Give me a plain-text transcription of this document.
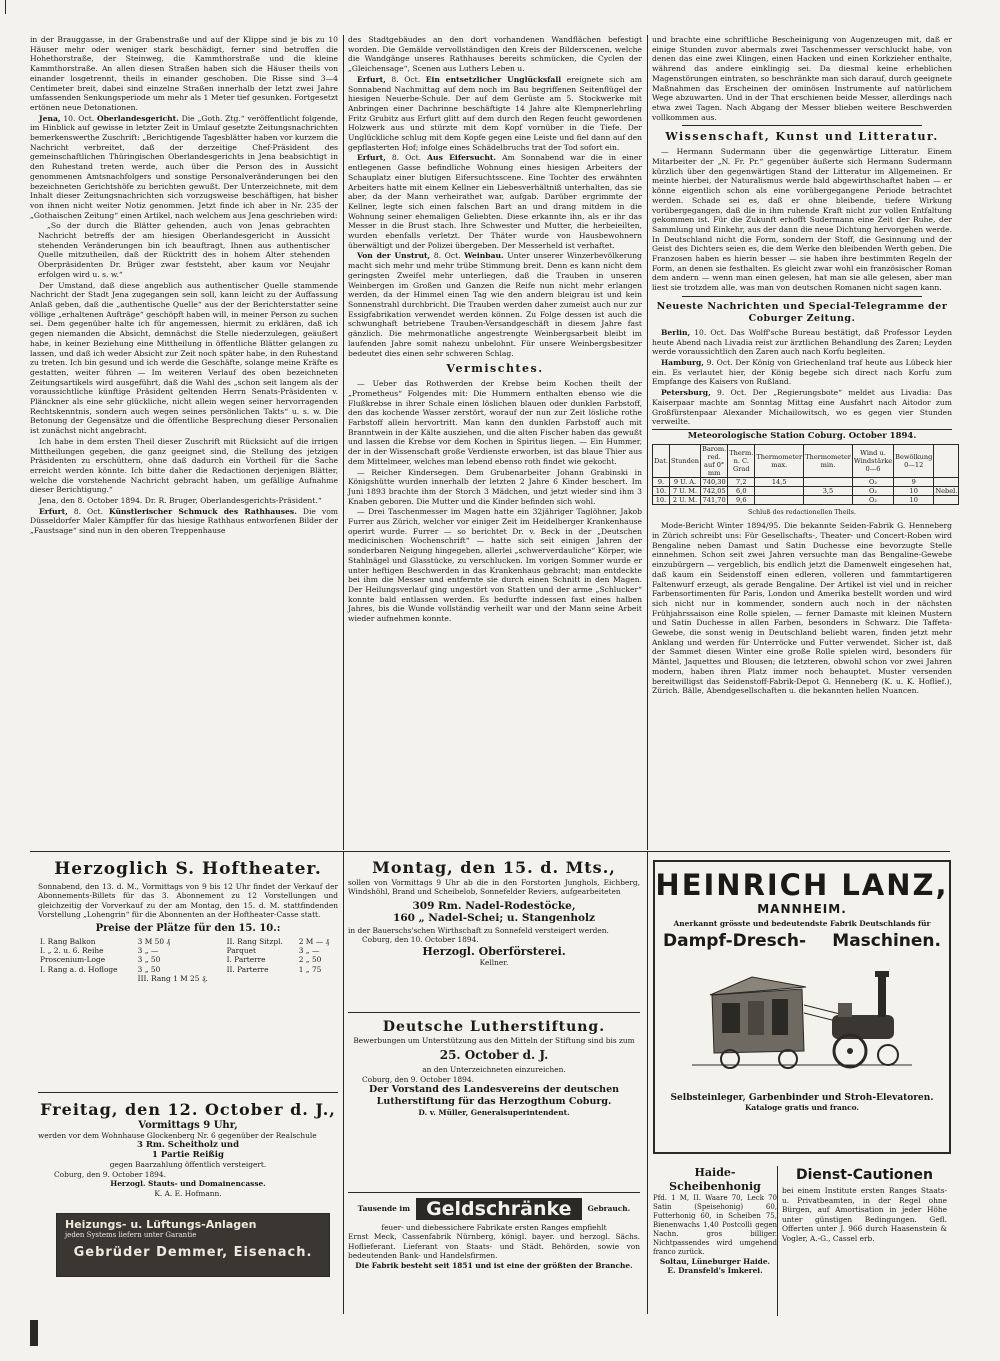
in der Brauggasse, in der Grabenstraße und auf der Klippe sind je bis zu 10 Häuser mehr oder weniger stark beschädigt, ferner sind betroffen die Hohethorstraße, der Steinweg, die Kammthorstraße und die kleine Kammthorstraße. An allen diesen Straßen haben sich die Häuser theils von einander losgetrennt, theils in einander geschoben. Die Risse sind 3—4 Centimeter breit, dabei sind einzelne Straßen innerhalb der letzt zwei Jahre umfassenden Senkungsperiode um mehr als 1 Meter tief gesunken. Fortgesetzt ertönen neue Detonationen.

Jena, 10. Oct. Oberlandesgericht. Die „Goth. Ztg.“ veröffentlicht folgende, im Hinblick auf gewisse in letzter Zeit in Umlauf gesetzte Zeitungsnachrichten bemerkenswerthe Zuschrift: „Berichtigende Tagesblätter haben vor kurzem die Nachricht verbreitet, daß der derzeitige Chef-Präsident des gemeinschaftlichen Thüringischen Oberlandesgerichts in Jena beabsichtigt in den Ruhestand treten werde, auch über die Person des in Aussicht genommenen Amtsnachfolgers und sonstige Personalveränderungen bei den bezeichneten Gerichtshöfe zu berichten gewußt. Der Unterzeichnete, mit dem Inhalt dieser Zeitungsnachrichten sich vorzugsweise beschäftigen, hat bisher von ihnen nicht weiter Notiz genommen. Jetzt finde ich aber in Nr. 235 der „Gothaischen Zeitung“ einen Artikel, nach welchem aus Jena geschrieben wird:

„So der durch die Blätter gehenden, auch von Jenas gebrachten Nachricht betreffs der am hiesigen Oberlandesgericht in Aussicht stehenden Veränderungen bin ich beauftragt, Ihnen aus authentischer Quelle mitzutheilen, daß der Rücktritt des in hohem Alter stehenden Oberpräsidenten Dr. Brüger zwar feststeht, aber kaum vor Neujahr erfolgen wird u. s. w.“

Der Umstand, daß diese angeblich aus authentischer Quelle stammende Nachricht der Stadt Jena zugegangen sein soll, kann leicht zu der Auffassung Anlaß geben, daß die „authentische Quelle“ aus der der Berichterstatter seine völlige „erhaltenen Aufträge“ geschöpft haben will, in meiner Person zu suchen sei. Dem gegenüber halte ich für angemessen, hiermit zu erklären, daß ich gegen niemanden die Absicht, demnächst die Stelle niederzulegen, geäußert habe, in keiner Beziehung eine Mittheilung in öffentliche Blätter gelangen zu lassen, und daß ich weder Absicht zur Zeit noch später habe, in den Ruhestand zu treten. Ich bin gesund und ich werde die Geschäfte, solange meine Kräfte es gestatten, weiter führen — Im weiteren Verlauf des oben bezeichneten Zeitungsartikels wird ausgeführt, daß die Wahl des „schon seit langem als der voraussichtliche künftige Präsident geltenden Herrn Senats-Präsidenten v. Plänckner als eine sehr glückliche, nicht allein wegen seiner hervorragenden Rechtskenntnis, sondern auch wegen seines persönlichen Takts“ u. s. w. Die Betonung der Gegensätze und die öffentliche Besprechung dieser Personalien ist zunächst nicht angebracht.

Ich habe in dem ersten Theil dieser Zuschrift mit Rücksicht auf die irrigen Mittheilungen gegeben, die ganz geeignet sind, die Stellung des jetzigen Präsidenten zu erschüttern, ohne daß dadurch ein Vortheil für die Sache erreicht werden könnte. Ich bitte daher die Redactionen derjenigen Blätter, welche die vorstehende Nachricht gebracht haben, um gefällige Aufnahme dieser Berichtigung.“

Jena, den 8. October 1894. Dr. R. Bruger, Oberlandesgerichts-Präsident.“

Erfurt, 8. Oct. Künstlerischer Schmuck des Rathhauses. Die vom Düsseldorfer Maler Kämpffer für das hiesige Rathhaus entworfenen Bilder der „Faustsage“ sind nun in den oberen Treppenhause

des Stadtgebäudes an den dort vorhandenen Wandflächen befestigt worden. Die Gemälde vervollständigen den Kreis der Bilderscenen, welche die Wandgänge unseres Rathhauses bereits schmücken, die Cyclen der „Gleichensage“, Scenen aus Luthers Leben u.

Erfurt, 8. Oct. Ein entsetzlicher Unglücksfall ereignete sich am Sonnabend Nachmittag auf dem noch im Bau begriffenen Seitenflügel der hiesigen Neuerbe-Schule. Der auf dem Gerüste am 5. Stockwerke mit Anbringen einer Dachrinne beschäftigte 14 Jahre alte Klempnerlehrling Fritz Grubitz aus Erfurt glitt auf dem durch den Regen feucht gewordenen Holzwerk aus und stürzte mit dem Kopf vornüber in die Tiefe. Der Unglückliche schlug mit dem Kopfe gegen eine Leiste und fiel dann auf den gepflasterten Hof; infolge eines Schädelbruchs trat der Tod sofort ein.

Erfurt, 8. Oct. Aus Eifersucht. Am Sonnabend war die in einer entlegenen Gasse befindliche Wohnung eines hiesigen Arbeiters der Schauplatz einer blutigen Eifersuchtsscene. Eine Tochter des erwähnten Arbeiters hatte mit einem Kellner ein Liebesverhältniß unterhalten, das sie aber, da der Mann verheirathet war, aufgab. Darüber ergrimmte der Kellner, legte sich einen falschen Bart an und drang mitdem in die Wohnung seiner ehemaligen Geliebten. Diese erkannte ihn, als er ihr das Messer in die Brust stach. Ihre Schwester und Mutter, die herbeieilten, wurden ebenfalls verletzt. Der Thäter wurde von Hausbewohnern überwältigt und der Polizei übergeben. Der Messerheld ist verhaftet.

Von der Unstrut, 8. Oct. Weinbau. Unter unserer Winzerbevölkerung macht sich mehr und mehr trübe Stimmung breit. Denn es kann nicht dem geringsten Zweifel mehr unterliegen, daß die Trauben in unseren Weinbergen im Großen und Ganzen die Reife nun nicht mehr erlangen werden, da der Himmel einen Tag wie den andern bleigrau ist und kein Sonnenstrahl durchbricht. Die Trauben werden daher zumeist auch nur zur Essigfabrikation verwendet werden können. Zu Folge dessen ist auch die schwunghaft betriebene Trauben-Versandgeschäft in diesem Jahre fast gänzlich. Die mehrmonatliche angestrengte Weinbergsarbeit bleibt im laufenden Jahre somit nahezu unbelohnt. Für unsere Weinbergsbesitzer bedeutet dies einen sehr schweren Schlag.

Vermischtes.

— Ueber das Rothwerden der Krebse beim Kochen theilt der „Prometheus“ Folgendes mit: Die Hummern enthalten ebenso wie die Flußkrebse in ihrer Schale einen löslichen blauen oder dunklen Farbstoff, den das kochende Wasser zerstört, worauf der nun zur Zeit lösliche rothe Farbstoff allein hervortritt. Man kann den dunklen Farbstoff auch mit Branntwein in der Kälte ausziehen, und die alten Fischer haben das gewußt und lassen die Krebse vor dem Kochen in Spiritus liegen. — Ein Hummer, der in der Wissenschaft große Verdienste erworben, ist das blaue Thier aus dem Mittelmeer, welches man lebend ebenso roth findet wie gekocht.

— Reicher Kindersegen. Dem Grubenarbeiter Johann Grabinski in Königshütte wurden innerhalb der letzten 2 Jahre 6 Kinder beschert. Im Juni 1893 brachte ihm der Storch 3 Mädchen, und jetzt wieder sind ihm 3 Knaben geboren. Die Mutter und die Kinder befinden sich wohl.

— Drei Taschenmesser im Magen hatte ein 32jähriger Taglöhner, Jakob Furrer aus Zürich, welcher vor einiger Zeit im Heidelberger Krankenhause operirt wurde. Furrer — so berichtet Dr. v. Beck in der „Deutschen medicinischen Wochenschrift“ — hatte sich seit einigen Jahren der sonderbaren Neigung hingegeben, allerlei „schwerverdauliche“ Körper, wie Stahlnägel und Glasstücke, zu verschlucken. Im vorigen Sommer wurde er unter heftigen Beschwerden in das Krankenhaus gebracht; man entdeckte bei ihm die Messer und entfernte sie durch einen Schnitt in den Magen. Der Heilungsverlauf ging ungestört von Statten und der arme „Schlucker“ konnte bald entlassen werden. Es bedurfte indessen fast eines halben Jahres, bis die Wunde vollständig verheilt war und der Mann seine Arbeit wieder aufnehmen konnte.

und brachte eine schriftliche Bescheinigung von Augenzeugen mit, daß er einige Stunden zuvor abermals zwei Taschenmesser verschluckt habe, von denen das eine zwei Klingen, einen Hacken und einen Korkzieher enthalte, während das andere einklingig sei. Da diesmal keine erheblichen Magenstörungen eintraten, so beschränkte man sich darauf, durch geeignete Maßnahmen das Erscheinen der ominösen Instrumente auf natürlichem Wege abzuwarten. Und in der That erschienen beide Messer, allerdings nach etwa zwei Tagen. Nach Abgang der Messer blieben weitere Beschwerden vollkommen aus.

Wissenschaft, Kunst und Litteratur.

— Hermann Sudermann über die gegenwärtige Litteratur. Einem Mitarbeiter der „N. Fr. Pr.“ gegenüber äußerte sich Hermann Sudermann kürzlich über den gegenwärtigen Stand der Litteratur im Allgemeinen. Er meinte hierbei, der Naturalismus werde bald abgewirthschaftet haben — er könne eigentlich schon als eine vorübergegangene Periode betrachtet werden. Schade sei es, daß er ohne bleibende, tiefere Wirkung vorübergegangen, daß die in ihm ruhende Kraft nicht zur vollen Entfaltung gekommen ist. Für die Zukunft erhofft Sudermann eine Zeit der Ruhe, der Sammlung und Einkehr, aus der dann die neue Dichtung hervorgehen werde. In Deutschland nicht die Form, sondern der Stoff, die Gesinnung und der Geist des Dichters seien es, die dem Werke den bleibenden Werth geben. Die Franzosen haben es hierin besser — sie haben ihre bestimmten Regeln der Form, an denen sie festhalten. Es gleicht zwar wohl ein französischer Roman dem andern — wenn man einen gelesen, hat man sie alle gelesen, aber man liest sie trotzdem alle, was man von deutschen Romanen nicht sagen kann.

Neueste Nachrichten und Special-Telegramme der Coburger Zeitung.

Berlin, 10. Oct. Das Wolff'sche Bureau bestätigt, daß Professor Leyden heute Abend nach Livadia reist zur ärztlichen Behandlung des Zaren; Leyden werde voraussichtlich den Zaren auch nach Korfu begleiten.

Hamburg, 9. Oct. Der König von Griechenland traf heute aus Lübeck hier ein. Es verlautet hier, der König begebe sich direct nach Korfu zum Empfange des Kaisers von Rußland.

Petersburg, 9. Oct. Der „Regierungsbote“ meldet aus Livadia: Das Kaiserpaar machte am Sonntag Mittag eine Ausfahrt nach Aitodor zum Großfürstenpaar Alexander Michailowitsch, wo es gegen vier Stunden verweilte.

Meteorologische Station Coburg. October 1894.
Dat.	Stunden	Barom. red. auf 0° mm	Therm. n. C. Grad	Thermometer max.	Thermometer min.	Wind u. Windstärke 0—6	Bewölkung 0—12	
9.	9 U. A.	740,30	7,2	14,5		O₂	9	
10.	7 U. M.	742,05	6,0		3,5	O₂	10	Nebel.
10.	2 U. M.	741,70	9,6			O₂	10	
Schluß des redactionellen Theils.

Mode-Bericht Winter 1894/95. Die bekannte Seiden-Fabrik G. Henneberg in Zürich schreibt uns: Für Gesellschafts-, Theater- und Concert-Roben wird Bengaline neben Damast und Satin Duchesse eine bevorzugte Stelle einnehmen. Schon seit zwei Jahren versuchte man das Bengaline-Gewebe einzubürgern — vergeblich, bis endlich jetzt die Damenwelt eingesehen hat, daß kaum ein Seidenstoff einen edleren, volleren und fammtartigeren Faltenwurf erzeugt, als gerade Bengaline. Der Artikel ist viel und in reicher Farbensortimenten für Paris, London und Amerika bestellt worden und wird sich nicht nur in kommender, sondern auch noch in der nächsten Frühjahrssaison eine Rolle spielen, — ferner Damaste mit kleinen Mustern und Satin Duchesse in allen Farben, besonders in Schwarz. Die Taffeta-Gewebe, die sonst wenig in Deutschland beliebt waren, finden jetzt mehr Anklang und werden für Unterröcke und Futter verwendet. Sicher ist, daß der Sammet diesen Winter eine große Rolle spielen wird, besonders für Mäntel, Jaquettes und Blousen; die letzteren, obwohl schon vor zwei Jahren modern, haben ihren Platz immer noch behauptet. Muster versenden bereitwilligst das Seidenstoff-Fabrik-Depot G. Henneberg (K. u. K. Hoflief.), Zürich. Bälle, Abendgesellschaften u. die bekannten hellen Nuancen.

Herzoglich S. Hoftheater.
Sonnabend, den 13. d. M., Vormittags von 9 bis 12 Uhr findet der Verkauf der Abonnements-Billets für das 3. Abonnement zu 12 Vorstellungen und gleichzeitig der Vorverkauf zu der am Montag, den 15. d. M. stattfindenden Vorstellung „Lohengrin“ für die Abonnenten an der Hoftheater-Casse statt.
Preise der Plätze für den 15. 10.:
I. Rang Balkon	3 M 50 ₰	II. Rang Sitzpl.	2 M — ₰
I. „ 2. u. 6. Reihe	3 „ —	Parquet	3 „ —
Proscenium-Loge	3 „ 50	I. Parterre	2 „ 50
I. Rang a. d. Hofloge	3 „ 50	II. Parterre	1 „ 75
	III. Rang 1 M 25 ₰.		
Freitag, den 12. October d. J.,
Vormittags 9 Uhr,
werden vor dem Wohnhause Glockenberg Nr. 6 gegenüber der Realschule
3 Rm. Scheitholz und
1 Partie Reißig
gegen Baarzahlung öffentlich versteigert.
Coburg, den 9. October 1894.
Herzogl. Stauts- und Domainencasse.
K. A. E. Hofmann.
Heizungs- u. Lüftungs-Anlagen
jeden Systems liefern unter Garantie
Gebrüder Demmer, Eisenach.
Montag, den 15. d. Mts.,
sollen von Vormittags 9 Uhr ab die in den Forstorten Junghols, Eichberg, Windshöhl, Brand und Scheibelob, Sonnefelder Reviers, aufgearbeiteten
309 Rm. Nadel-Rodestöcke,
160 „ Nadel-Schei; u. Stangenholz
in der Bauerschs'schen Wirthschaft zu Sonnefeld versteigert werden.
Coburg, den 10. October 1894.
Herzogl. Oberförsterei.
Kellner.
Deutsche Lutherstiftung.
Bewerbungen um Unterstützung aus den Mitteln der Stiftung sind bis zum
25. October d. J.
an den Unterzeichneten einzureichen.
Coburg, den 9. October 1894.
Der Vorstand des Landesvereins der deutschen Lutherstiftung für das Herzogthum Coburg.
D. v. Müller, Generalsuperintendent.
Tausende im Geldschränke	Gebrauch.
feuer- und diebessichere Fabrikate ersten Ranges empfiehlt
Ernst Meck, Cassenfabrik Nürnberg, königl. bayer. und herzogl. Sächs. Hoflieferant. Lieferant von Staats- und Städt. Behörden, sowie von bedeutenden Bank- und Handelsfirmen.
Die Fabrik besteht seit 1851 und ist eine der größten der Branche.
HEINRICH LANZ,
MANNHEIM.
Anerkannt grösste und bedeutendste Fabrik Deutschlands für
Dampf-Dresch- Maschinen.
Selbsteinleger, Garbenbinder und Stroh-Elevatoren.
Kataloge gratis und franco.
Haide-Scheibenhonig
Pfd. 1 M, II. Waare 70, Leck 70 Satin (Speisehonig) 60, Futterhonig 60, in Scheiben 75, Bienenwachs 1,40 Postcolli gegen Nachn. gros billiger. Nichtpassendes wird umgehend franco zurück.
Soltau, Lüneburger Haide.
E. Dransfeld's Imkerei.
Dienst-Cautionen
bei einem Institute ersten Ranges Staats- u. Privatbeamten, in der Regel ohne Bürgen, auf Amortisation in jeder Höhe unter günstigen Bedingungen. Gefl. Offerten unter J. 966 durch Haasenstein & Vogler, A.-G., Cassel erb.
